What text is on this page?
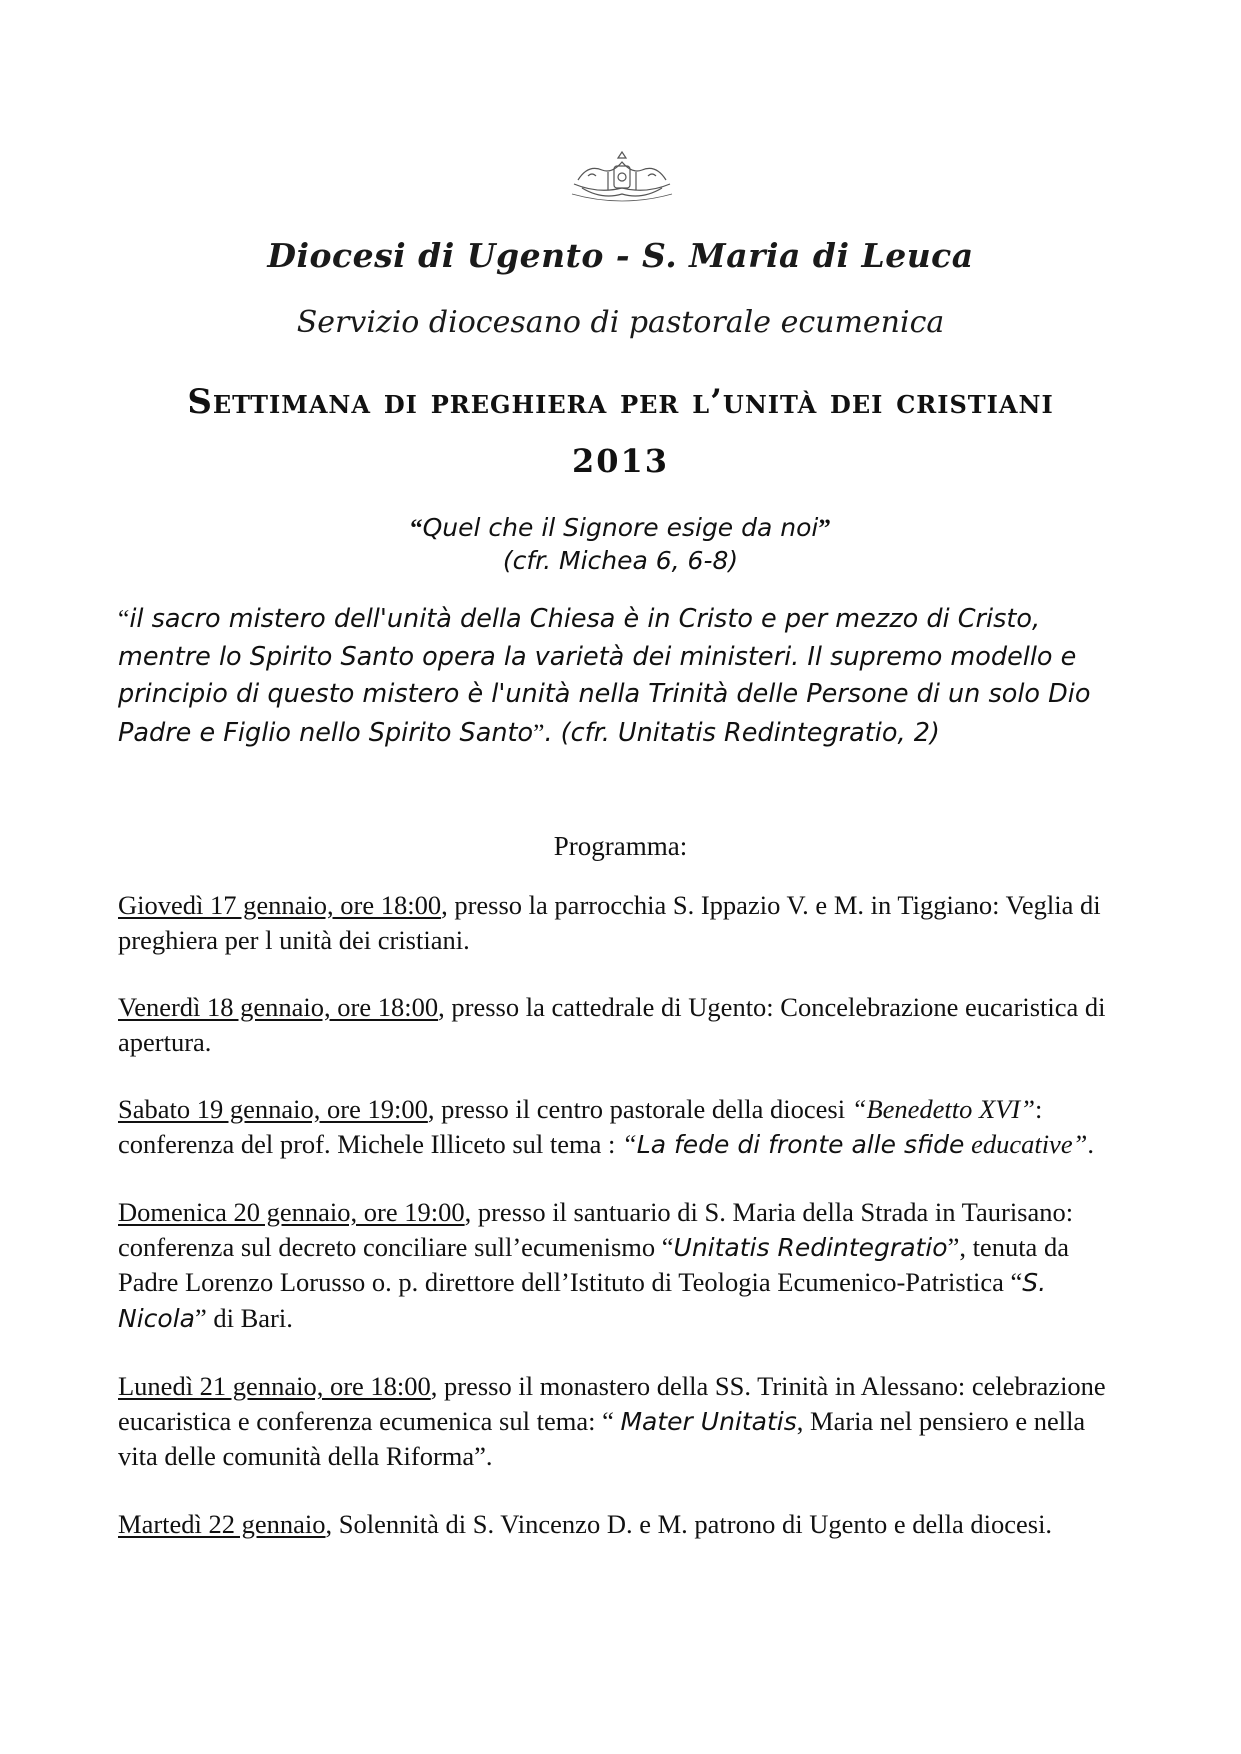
Diocesi di Ugento - S. Maria di Leuca
Servizio diocesano di pastorale ecumenica
Settimana di preghiera per l’unità dei cristiani
2013
“Quel che il Signore esige da noi”
(cfr. Michea 6, 6-8)
“il sacro mistero dell'unità della Chiesa è in Cristo e per mezzo di Cristo, mentre lo Spirito Santo opera la varietà dei ministeri. Il supremo modello e principio di questo mistero è l'unità nella Trinità delle Persone di un solo Dio Padre e Figlio nello Spirito Santo”. (cfr. Unitatis Redintegratio, 2)
Programma:

Giovedì 17 gennaio, ore 18:00, presso la parrocchia S. Ippazio V. e M. in Tiggiano: Veglia di preghiera per l unità dei cristiani.

Venerdì 18 gennaio, ore 18:00, presso la cattedrale di Ugento: Concelebrazione eucaristica di apertura.

Sabato 19 gennaio, ore 19:00, presso il centro pastorale della diocesi “Benedetto XVI”: conferenza del prof. Michele Illiceto sul tema : “La fede di fronte alle sfide educative”.

Domenica 20 gennaio, ore 19:00, presso il santuario di S. Maria della Strada in Taurisano: conferenza sul decreto conciliare sull’ecumenismo “Unitatis Redintegratio”, tenuta da Padre Lorenzo Lorusso o. p. direttore dell’Istituto di Teologia Ecumenico-Patristica “S. Nicola” di Bari.

Lunedì 21 gennaio, ore 18:00, presso il monastero della SS. Trinità in Alessano: celebrazione eucaristica e conferenza ecumenica sul tema: “ Mater Unitatis, Maria nel pensiero e nella vita delle comunità della Riforma”.

Martedì 22 gennaio, Solennità di S. Vincenzo D. e M. patrono di Ugento e della diocesi.
